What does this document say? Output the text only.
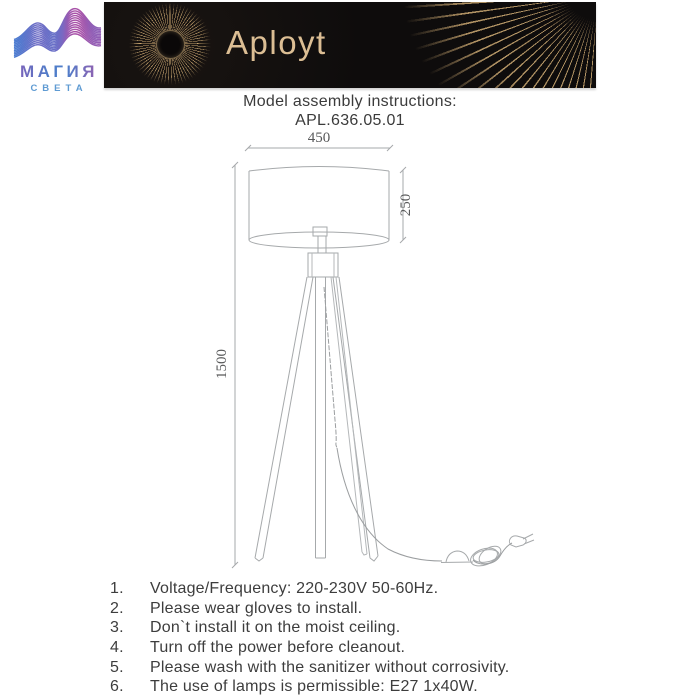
МАГИЯ
СВЕТА
Aployt
Model assembly instructions:
APL.636.05.01
450
1500
250
1.	Voltage/Frequency: 220-230V 50-60Hz.
2.	Please wear gloves to install.
3.	Don`t install it on the moist ceiling.
4.	Turn off the power before cleanout.
5.	Please wash with the sanitizer without corrosivity.
6.	The use of lamps is permissible: E27 1x40W.
